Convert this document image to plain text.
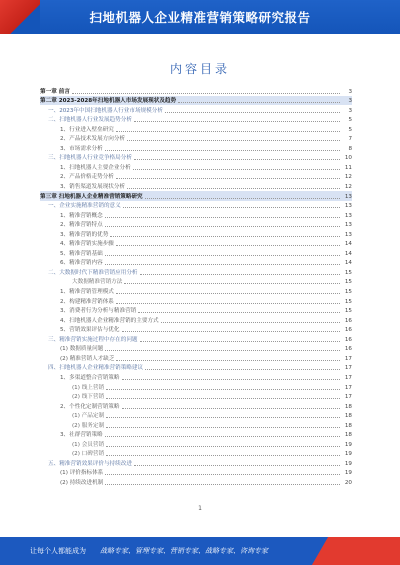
扫地机器人企业精准营销策略研究报告
内容目录
第一章 前言	3
第二章 2023-2028年扫地机器人市场发展现状及趋势	3
一、2023年中国扫地机器人行业市场规模分析	3
二、扫地机器人行业发展趋势分析	5
1、行业进入壁垒研究	5
2、产品技术发展方向分析	7
3、市场需求分析	8
三、扫地机器人行业竞争格局分析	10
1、扫地机器人主要企业分析	11
2、产品价格走势分析	12
3、销售渠道发展现状分析	12
第三章 扫地机器人企业精准营销策略研究	13
一、企业实施精准营销的意义	13
1、精准营销概念	13
2、精准营销特点	13
3、精准营销的优势	13
4、精准营销实施步骤	14
5、精准营销基础	14
6、精准营销内容	14
二、大数据时代下精准营销应用分析	15
大数据精准营销方法	15
1、精准营销管理模式	15
2、构建精准营销体系	15
3、消费者行为分析与精准营销	15
4、扫地机器人企业精准营销的主要方式	16
5、营销效果评估与优化	16
三、精准营销实施过程中存在的问题	16
(1) 数据质量问题	16
(2) 精准营销人才缺乏	17
四、扫地机器人企业精准营销策略建议	17
1、多渠道整合营销策略	17
(1) 线上营销	17
(2) 线下营销	17
2、个性化定制营销策略	18
(1) 产品定制	18
(2) 服务定制	18
3、社群营销策略	18
(1) 会员营销	19
(2) 口碑营销	19
五、精准营销效果评价与持续改进	19
(1) 评价指标体系	19
(2) 持续改进机制	20
1
让每个人都能成为 战略专家、管理专家、营销专家、战略专家、咨询专家
